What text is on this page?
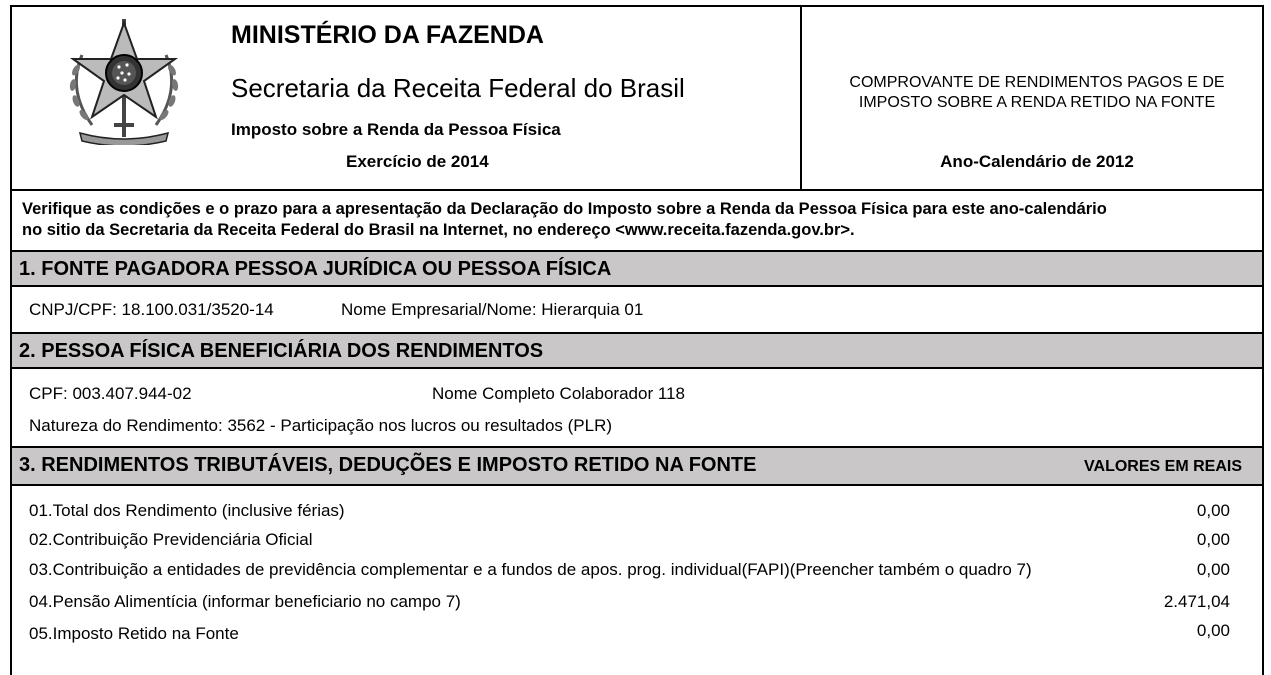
MINISTÉRIO DA FAZENDA
Secretaria da Receita Federal do Brasil
Imposto sobre a Renda da Pessoa Física
Exercício de 2014
COMPROVANTE DE RENDIMENTOS PAGOS E DE
IMPOSTO SOBRE A RENDA RETIDO NA FONTE
Ano-Calendário de 2012
Verifique as condições e o prazo para a apresentação da Declaração do Imposto sobre a Renda da Pessoa Física para este ano-calendário
no sitio da Secretaria da Receita Federal do Brasil na Internet, no endereço <www.receita.fazenda.gov.br>.
1. FONTE PAGADORA PESSOA JURÍDICA OU PESSOA FÍSICA
CNPJ/CPF: 18.100.031/3520-14	Nome Empresarial/Nome: Hierarquia 01
2. PESSOA FÍSICA BENEFICIÁRIA DOS RENDIMENTOS
CPF: 003.407.944-02	Nome Completo Colaborador 118
Natureza do Rendimento: 3562 - Participação nos lucros ou resultados (PLR)
3. RENDIMENTOS TRIBUTÁVEIS, DEDUÇÕES E IMPOSTO RETIDO NA FONTE	VALORES EM REAIS
01.Total dos Rendimento (inclusive férias)	0,00
02.Contribuição Previdenciária Oficial	0,00
03.Contribuição a entidades de previdência complementar e a fundos de apos. prog. individual(FAPI)(Preencher também o quadro 7)	0,00
04.Pensão Alimentícia (informar beneficiario no campo 7)	2.471,04
05.Imposto Retido na Fonte	0,00
